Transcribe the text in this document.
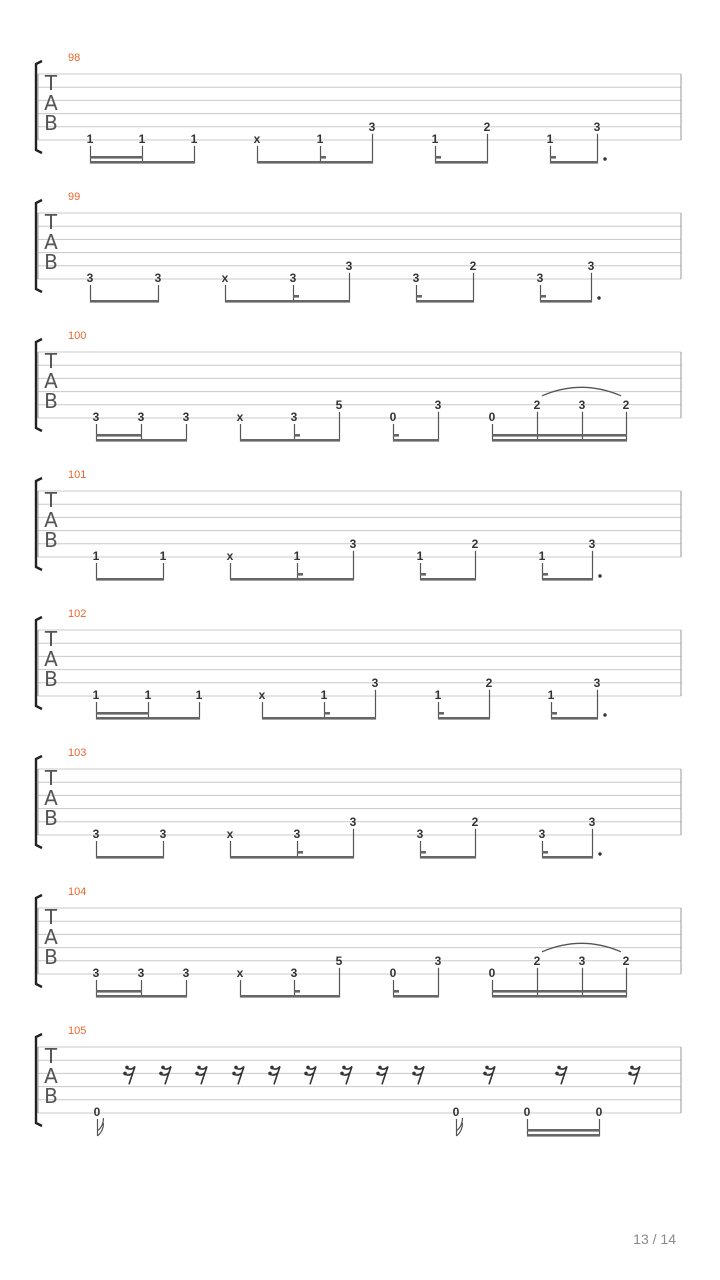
T
A
B
98
1	1	1	x	1
3
1
2
1
3
T
A
B
99
3	3	x	3
3
3
2
3
3
T
A
B
100
3	3	3	x	3
5
0
3
0
2	3	2
T
A
B
101
1	1	x	1
3
1
2
1
3
T
A
B
102
1	1	1	x	1
3
1
2
1
3
T
A
B
103
3	3	x	3
3
3
2
3
3
T
A
B
104
3	3	3	x	3
5
0
3
0
2	3	2
T
A
B
105
0	0	0	0
13 / 14
